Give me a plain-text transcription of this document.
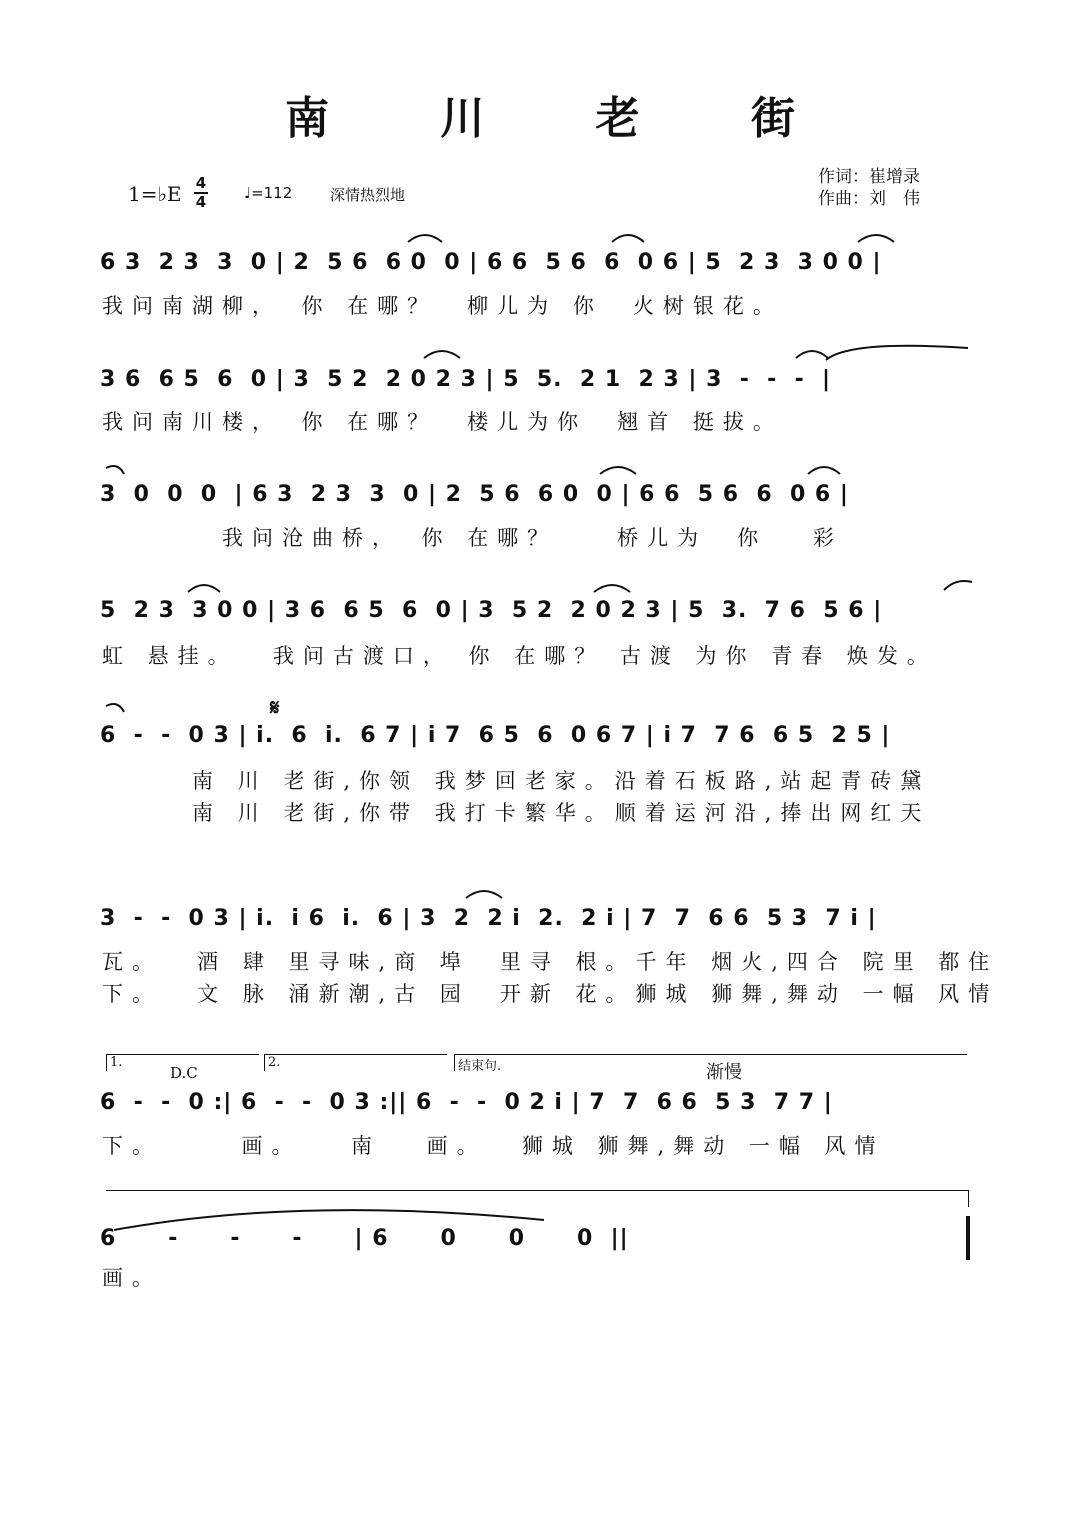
南 川 老 街
1=♭E 4
4	♩=112	深情热烈地
作词：崔增录
作曲：刘　伟
6 3  2 3  3  0 | 2  5 6  6 0  0 | 6 6  5 6  6  0 6 | 5  2 3  3 0 0 |
我问南湖柳，　你 在哪？　柳儿为 你　火树银花。
3 6  6 5  6  0 | 3  5 2  2 0 2 3 | 5  5.  2 1  2 3 | 3  -  -  -  |
我问南川楼，　你 在哪？　楼儿为你　翘首 挺拔。
3  0  0  0  | 6 3  2 3  3  0 | 2  5 6  6 0  0 | 6 6  5 6  6  0 6 |
　　　　我问沧曲桥，　你 在哪？　　桥儿为　你　 彩
5  2 3  3 0 0 | 3 6  6 5  6  0 | 3  5 2  2 0 2 3 | 5  3.  7 6  5 6 |
虹 悬挂。　 我问古渡口， 你 在哪？ 古渡 为你 青春 焕发。
𝄋
6  -  -  0 3 | i.  6  i.  6 7 | i 7  6 5  6  0 6 7 | i 7  7 6  6 5  2 5 |
　　　南 川 老街,你领 我梦回老家。沿着石板路,站起青砖黛
　　　南 川 老街,你带 我打卡繁华。顺着运河沿,捧出网红天
3  -  -  0 3 | i.  i 6  i.  6 | 3  2  2 i  2.  2 i | 7  7  6 6  5 3  7 i |
瓦。　 酒 肆 里寻味,商 埠　里寻 根。千年 烟火,四合 院里 都住
下。　 文 脉 涌新潮,古 园　开新 花。狮城 狮舞,舞动 一幅 风情
1.
D.C
2.	结束句.	渐慢
6  -  -  0 :| 6  -  -  0 3 :|| 6  -  -  0 2 i | 7  7  6 6  5 3  7 7 |
下。　　　画。　　南　 画。　 狮城 狮舞,舞动 一幅 风情
6      -      -      -      | 6      0      0      0  ||
画。
